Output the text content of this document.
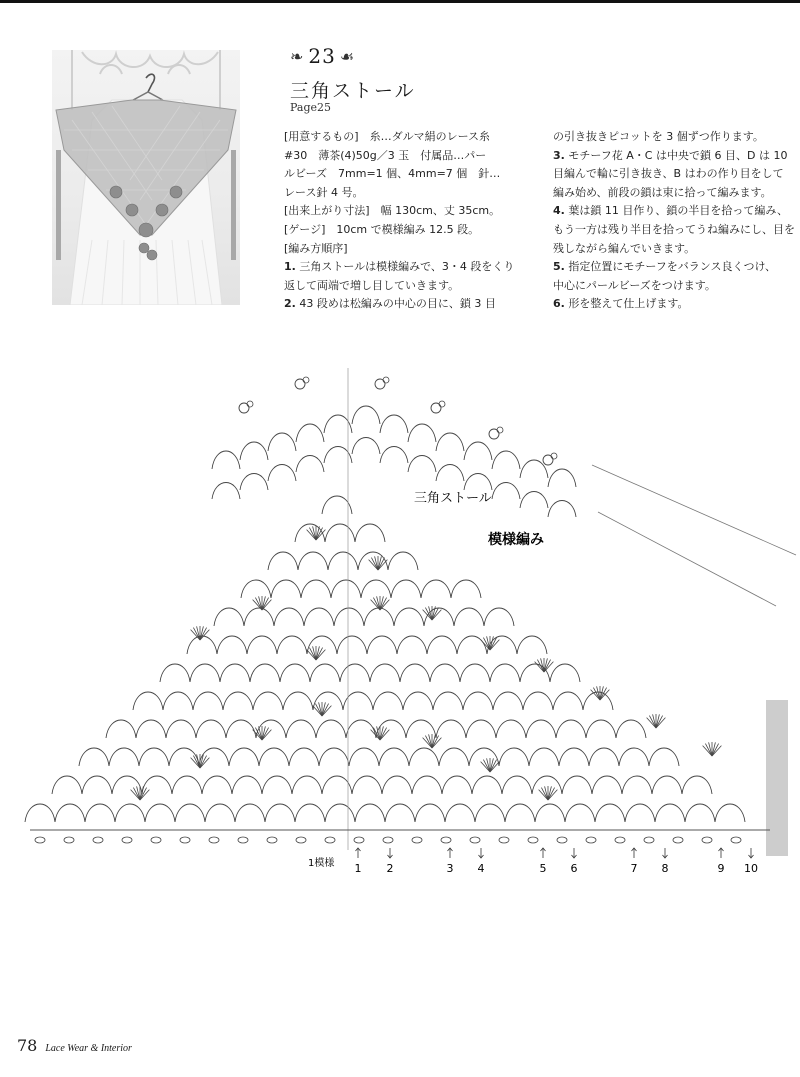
❧ 23 ☙
三角ストール
Page25
[用意するもの]　糸…ダルマ絹のレース糸
#30　薄茶(4)50g／3 玉　付属品…パー
ルビーズ　7mm=1 個、4mm=7 個　針…
レース針 4 号。
[出来上がり寸法]　幅 130cm、丈 35cm。
[ゲージ]　10cm で模様編み 12.5 段。
[編み方順序]
1. 三角ストールは模様編みで、3・4 段をくり
返して両端で増し目していきます。
2. 43 段めは松編みの中心の目に、鎖 3 目
の引き抜きピコットを 3 個ずつ作ります。
3. モチーフ花 A・C は中央で鎖 6 目、D は 10
目編んで輪に引き抜き、B はわの作り目をして
編み始め、前段の鎖は束に拾って編みます。
4. 葉は鎖 11 目作り、鎖の半目を拾って編み、
もう一方は残り半目を拾ってうね編みにし、目を
残しながら編んでいきます。
5. 指定位置にモチーフをバランス良くつけ、
中心にパールビーズをつけます。
6. 形を整えて仕上げます。
1 2	3 4	5 6	7 8	9 10
三角ストール
模様編み
1模様
78 Lace Wear & Interior
